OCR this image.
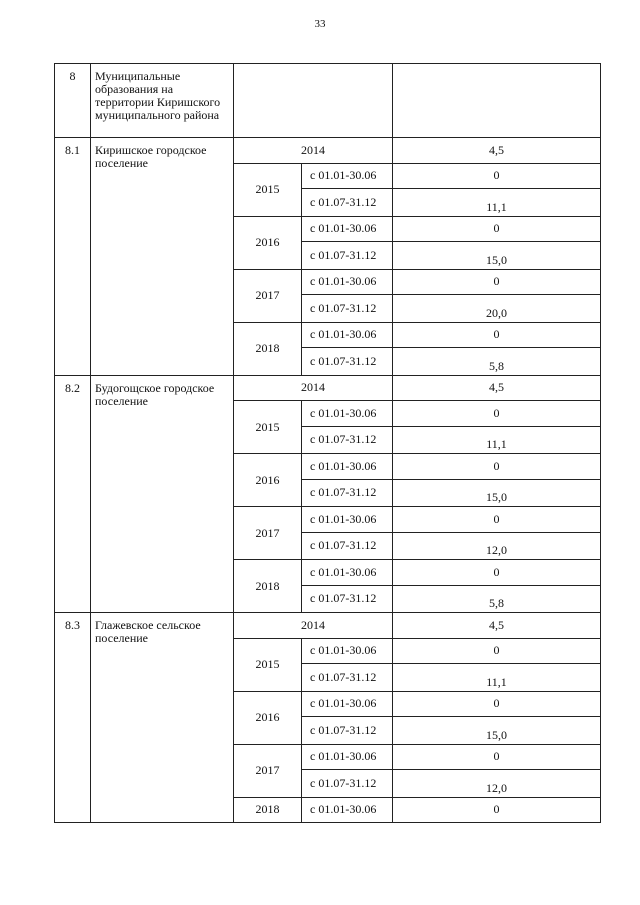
33
8	Муниципальные образования на территории Киришского муниципального района			
8.1	Киришское городское поселение	2014		4,5
		2015	с 01.01-30.06	0
			с 01.07-31.12	11,1
		2016	с 01.01-30.06	0
			с 01.07-31.12	15,0
		2017	с 01.01-30.06	0
			с 01.07-31.12	20,0
		2018	с 01.01-30.06	0
			с 01.07-31.12	5,8
8.2	Будогощское городское поселение	2014		4,5
		2015	с 01.01-30.06	0
			с 01.07-31.12	11,1
		2016	с 01.01-30.06	0
			с 01.07-31.12	15,0
		2017	с 01.01-30.06	0
			с 01.07-31.12	12,0
		2018	с 01.01-30.06	0
			с 01.07-31.12	5,8
8.3	Глажевское сельское поселение	2014		4,5
		2015	с 01.01-30.06	0
			с 01.07-31.12	11,1
		2016	с 01.01-30.06	0
			с 01.07-31.12	15,0
		2017	с 01.01-30.06	0
			с 01.07-31.12	12,0
		2018	с 01.01-30.06	0
